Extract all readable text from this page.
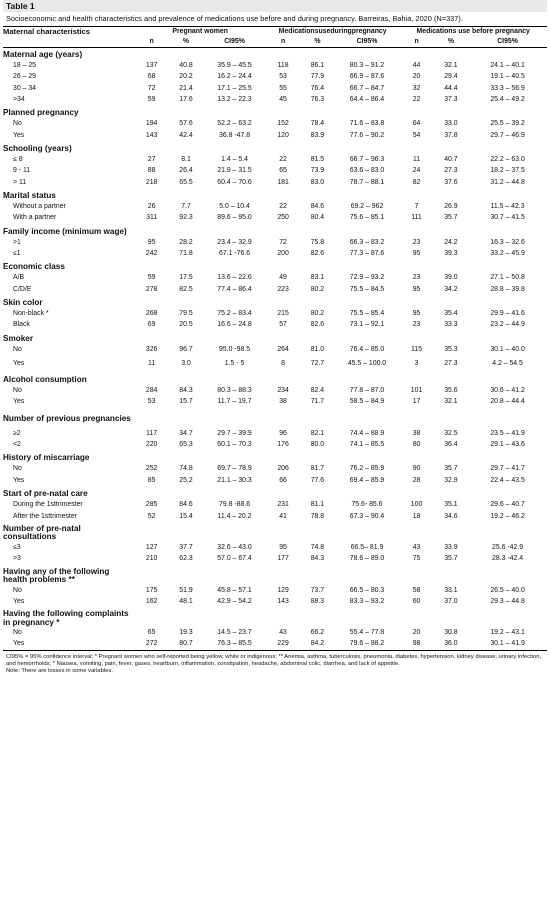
Table 1
Socioeconomic and health characteristics and prevalence of medications use before and during pregnancy. Barreiras, Bahia, 2020 (N=337).
Maternal characteristics	Pregnant women			Medicationsuseduringpregnancy			Medications use before pregnancy		
	n	%	CI95%	n	%	CI95%	n	%	CI95%

Maternal age (years)									

18 – 25	137	40.8	35.9 – 45.5	118	86.1	80.3 – 91.2	44	32.1	24.1 – 40.1
26 – 29	68	20.2	16.2 – 24.4	53	77.9	66.9 – 87.6	20	29.4	19.1 – 40.5
30 – 34	72	21.4	17.1 – 25.5	55	76.4	66.7 – 84.7	32	44.4	33.3 – 56.9
>34	59	17.6	13.2 – 22.3	45	76.3	64.4 – 86.4	22	37.3	25.4 – 49.2

Planned pregnancy									

No	194	57.6	52.2 – 63.2	152	78.4	71.6 – 83.8	64	33.0	25.5 – 39.2
Yes	143	42.4	36.8 -47.8	120	83.9	77.6 – 90.2	54	37.8	29.7 – 46.9

Schooling (years)									

≤ 8	27	8.1	1.4 – 5.4	22	81.5	66.7 – 96.3	11	40.7	22.2 – 63.0
9 - 11	88	26.4	21.9 – 31.5	65	73.9	63.6 – 83.0	24	27.3	18.2 – 37.5
> 11	218	65.5	60.4 – 70.6	181	83.0	78.7 – 88.1	82	37.6	31.2 – 44.8

Marital status									

Without a partner	26	7.7	5.0 – 10.4	22	84.6	69.2 – 962	7	26.9	11.5 – 42.3
With a partner	311	92.3	89.6 – 95.0	250	80.4	75.6 – 85.1	111	35.7	30.7 – 41.5

Family income (minimum wage)									

>1	95	28.2	23.4 – 32.9	72	75.8	66.3 – 83.2	23	24.2	16.3 – 32.6
≤1	242	71.8	67.1 -76.6	200	82.6	77.3 – 87.6	95	39.3	33.2 – 45.9

Economic class									

A/B	59	17.5	13.6 – 22.6	49	83.1	72.9 – 93.2	23	39.0	27.1 – 50.8
C/D/E	278	82.5	77.4 – 86.4	223	80.2	75.5 – 84.5	95	34.2	28.8 – 39.8

Skin color									

Non-black *	268	79.5	75.2 – 83.4	215	80.2	75.5 – 85.4	95	35.4	29.9 – 41.6
Black	69	20.5	16.6 – 24.8	57	82.6	73.1 – 92.1	23	33.3	23.2 – 44.9

Smoker									

No	326	96.7	95.0 -98.5	264	81.0	76.4 – 85.0	115	35.3	30.1 – 40.0
Yes	11	3.0	1.5 - 5	8	72.7	45.5 – 100.0	3	27.3	4.2 – 54.5

Alcohol consumption									

No	284	84.3	80.3 – 88.3	234	82.4	77.8 – 87.0	101	35.6	30.6 – 41.2
Yes	53	15.7	11.7 – 19.7	38	71.7	58.5 – 84.9	17	32.1	20.8 – 44.4

Number of previous pregnancies									

≥2	117	34.7	29.7 – 39.9	96	82.1	74.4 – 88.9	38	32.5	23.5 – 41.9
<2	220	65.3	60.1 – 70.3	176	80.0	74.1 – 85.5	80	36.4	29.1 – 43.6

History of miscarriage									

No	252	74.8	69.7 – 78.9	206	81.7	76.2 – 85.9	90	35.7	29.7 – 41.7
Yes	85	25.2	21.1 – 30.3	66	77.6	69.4 – 85.9	28	32.9	22.4 – 43.5

Start of pre-natal care									

During the 1sttrimester	285	84.6	79.8 -88.6	231	81.1	75.6- 85.6	100	35.1	29.6 – 40.7
After the 1sttrimester	52	15.4	11.4 – 20.2	41	78.8	67.3 – 90.4	18	34.6	19.2 – 46.2

Number of pre-natal consultations									

≤3	127	37.7	32.6 – 43.0	95	74.8	66.5– 81.9	43	33.9	25.6 -42.9
>3	210	62.3	57.0 – 67.4	177	84.3	78.6 – 89.0	75	35.7	28.3 -42.4

Having any of the following health problems **									

No	175	51.9	45.8 – 57.1	129	73.7	66.5 – 80.3	58	33.1	26.5 – 40.0
Yes	162	48.1	42.9 – 54.2	143	88.3	83.3 – 93.2	60	37.0	29.3 – 44.8

Having the following complaints in pregnancy *									

No	65	19.3	14.5 – 23.7	43	66.2	55.4 – 77.8	20	30.8	19.2 – 43.1
Yes	272	80.7	76.3 – 85.5	229	84.2	79.6 – 88.2	98	36.0	30.1 – 41.9
CI95% = 95% confidence interval; * Pregnant women who self-reported being yellow, white or indigenous; ** Anemia, asthma, tuberculosis, pneumonia, diabetes, hypertension, kidney disease, urinary infection, and hemorrhoids; * Nausea, vomiting, pain, fever, gases, heartburn, inflammation, constipation, headache, abdominal colic, diarrhea, and lack of appetite.
Note: There are losses in some variables.
